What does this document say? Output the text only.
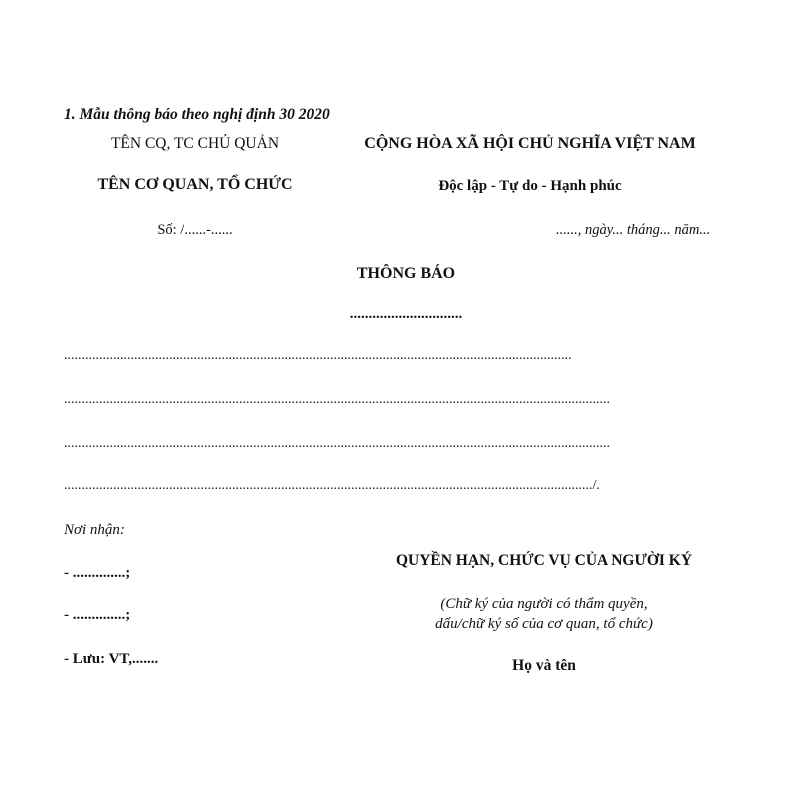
1. Mẫu thông báo theo nghị định 30 2020
TÊN CQ, TC CHỦ QUẢN
TÊN CƠ QUAN, TỔ CHỨC
Số: /......-......
CỘNG HÒA XÃ HỘI CHỦ NGHĨA VIỆT NAM
Độc lập - Tự do - Hạnh phúc
......, ngày... tháng... năm...
THÔNG BÁO
..............................
.................................................................................................................................................
............................................................................................................................................................
............................................................................................................................................................
......................................................................................................................................................./.
Nơi nhận:
- ..............;
- ..............;
- Lưu: VT,.......
QUYỀN HẠN, CHỨC VỤ CỦA NGƯỜI KÝ
(Chữ ký của người có thẩm quyền,
dấu/chữ ký số của cơ quan, tổ chức)
Họ và tên
